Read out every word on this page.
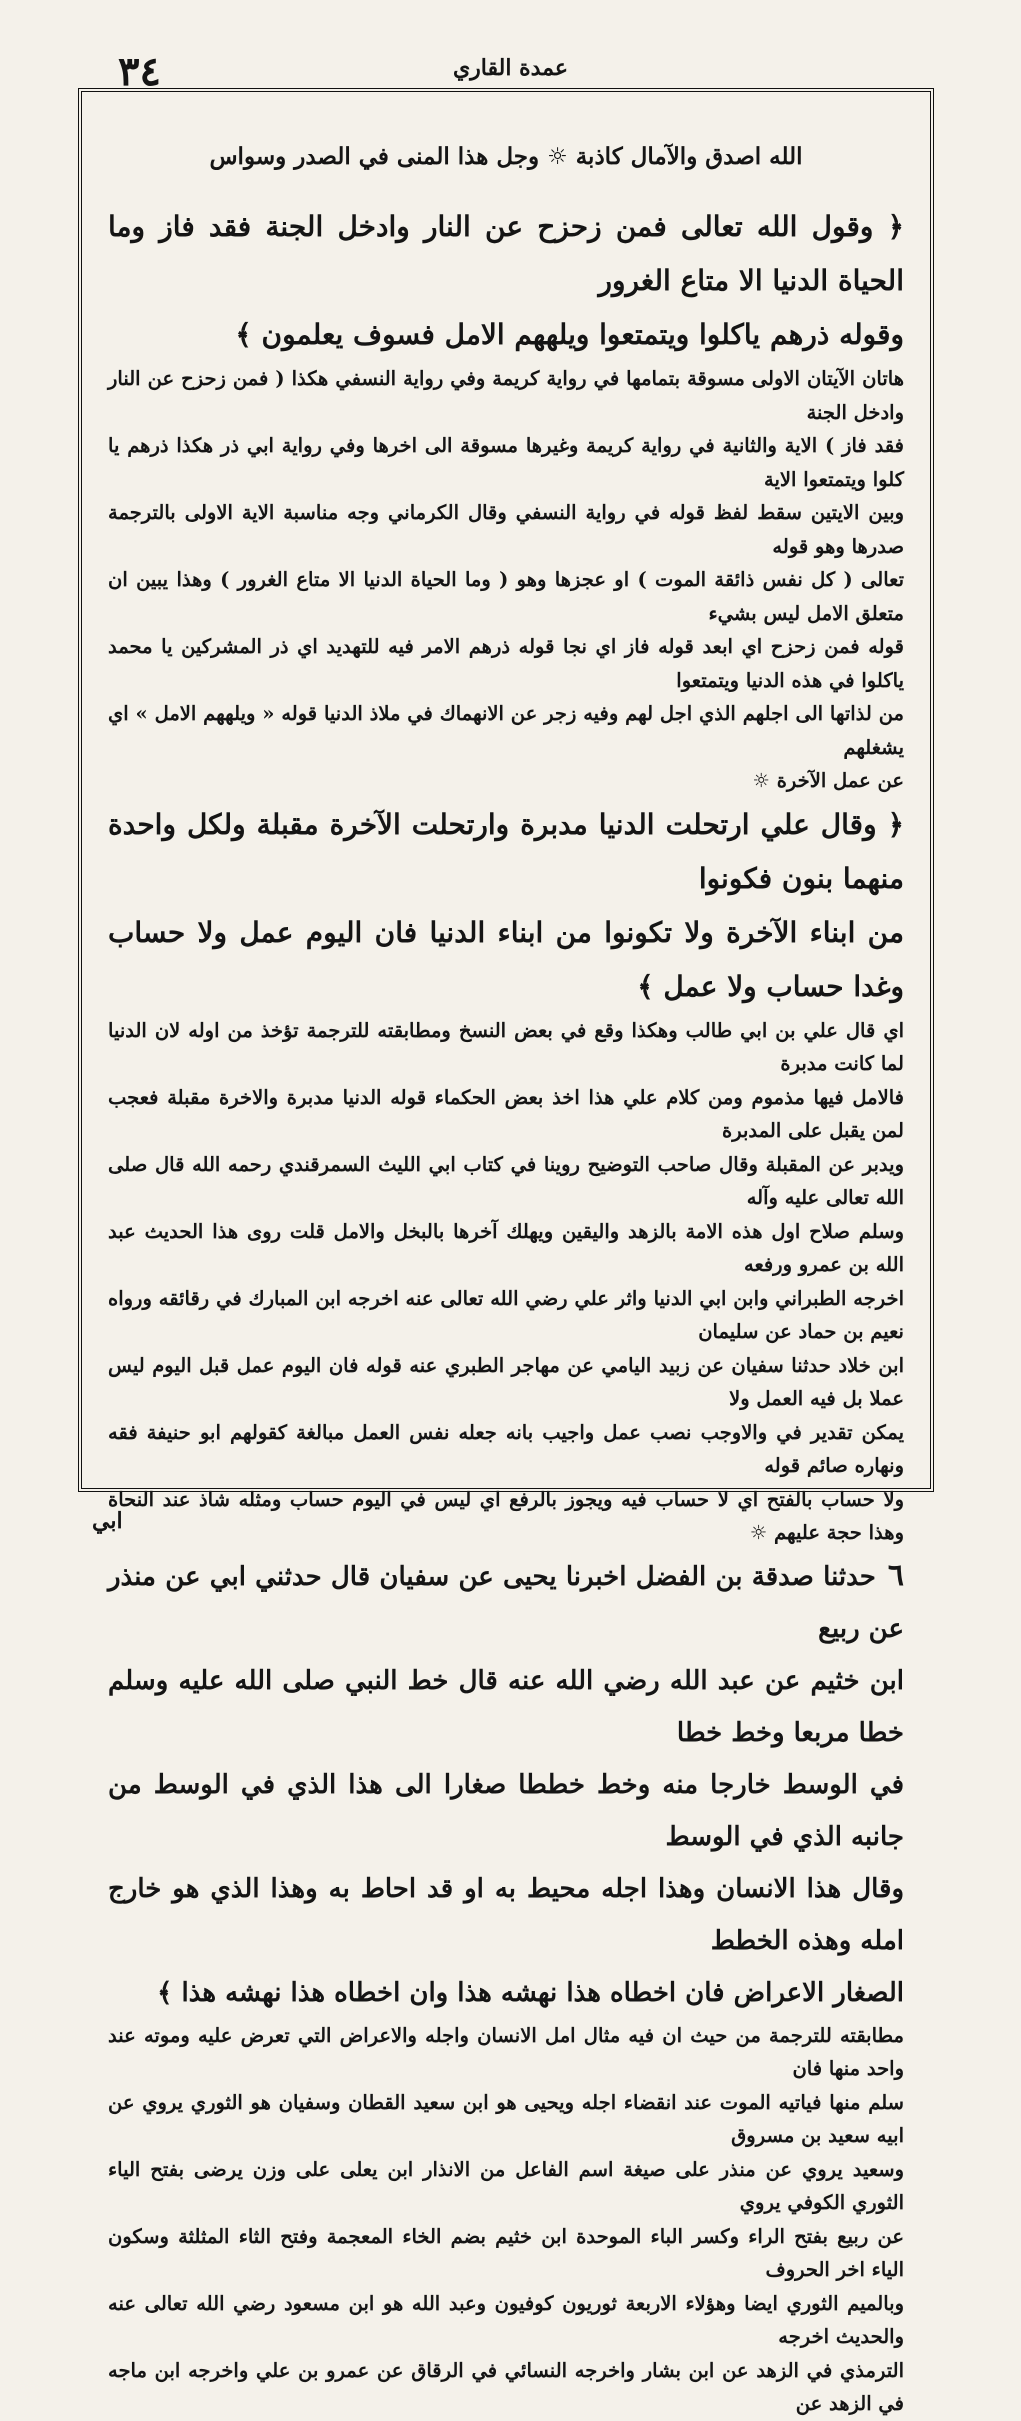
٣٤	عمدة القاري

الله اصدق والآمال كاذبة ☼ وجل هذا المنى في الصدر وسواس

﴿ وقول الله تعالى فمن زحزح عن النار وادخل الجنة فقد فاز وما الحياة الدنيا الا متاع الغرور

وقوله ذرهم ياكلوا ويتمتعوا ويلههم الامل فسوف يعلمون ﴾

هاتان الآيتان الاولى مسوقة بتمامها في رواية كريمة وفي رواية النسفي هكذا ( فمن زحزح عن النار وادخل الجنة

فقد فاز ) الاية والثانية في رواية كريمة وغيرها مسوقة الى اخرها وفي رواية ابي ذر هكذا ذرهم يا كلوا ويتمتعوا الاية

وبين الايتين سقط لفظ قوله في رواية النسفي وقال الكرماني وجه مناسبة الاية الاولى بالترجمة صدرها وهو قوله

تعالى ( كل نفس ذائقة الموت ) او عجزها وهو ( وما الحياة الدنيا الا متاع الغرور ) وهذا يبين ان متعلق الامل ليس بشيء

قوله فمن زحزح اي ابعد قوله فاز اي نجا قوله ذرهم الامر فيه للتهديد اي ذر المشركين يا محمد ياكلوا في هذه الدنيا ويتمتعوا

من لذاتها الى اجلهم الذي اجل لهم وفيه زجر عن الانهماك في ملاذ الدنيا قوله « ويلههم الامل » اي يشغلهم

عن عمل الآخرة ☼

﴿ وقال علي ارتحلت الدنيا مدبرة وارتحلت الآخرة مقبلة ولكل واحدة منهما بنون فكونوا

من ابناء الآخرة ولا تكونوا من ابناء الدنيا فان اليوم عمل ولا حساب وغدا حساب ولا عمل ﴾

اي قال علي بن ابي طالب وهكذا وقع في بعض النسخ ومطابقته للترجمة تؤخذ من اوله لان الدنيا لما كانت مدبرة

فالامل فيها مذموم ومن كلام علي هذا اخذ بعض الحكماء قوله الدنيا مدبرة والاخرة مقبلة فعجب لمن يقبل على المدبرة

ويدبر عن المقبلة وقال صاحب التوضيح روينا في كتاب ابي الليث السمرقندي رحمه الله قال صلى الله تعالى عليه وآله

وسلم صلاح اول هذه الامة بالزهد واليقين ويهلك آخرها بالبخل والامل قلت روى هذا الحديث عبد الله بن عمرو ورفعه

اخرجه الطبراني وابن ابي الدنيا واثر علي رضي الله تعالى عنه اخرجه ابن المبارك في رقائقه ورواه نعيم بن حماد عن سليمان

ابن خلاد حدثنا سفيان عن زبيد اليامي عن مهاجر الطبري عنه قوله فان اليوم عمل قبل اليوم ليس عملا بل فيه العمل ولا

يمكن تقدير في والاوجب نصب عمل واجيب بانه جعله نفس العمل مبالغة كقولهم ابو حنيفة فقه ونهاره صائم قوله

ولا حساب بالفتح اي لا حساب فيه ويجوز بالرفع اي ليس في اليوم حساب ومثله شاذ عند النحاة وهذا حجة عليهم ☼

٦حدثنا صدقة بن الفضل اخبرنا يحيى عن سفيان قال حدثني ابي عن منذر عن ربيع

ابن خثيم عن عبد الله رضي الله عنه قال خط النبي صلى الله عليه وسلم خطا مربعا وخط خطا

في الوسط خارجا منه وخط خططا صغارا الى هذا الذي في الوسط من جانبه الذي في الوسط

وقال هذا الانسان وهذا اجله محيط به او قد احاط به وهذا الذي هو خارج امله وهذه الخطط

الصغار الاعراض فان اخطاه هذا نهشه هذا وان اخطاه هذا نهشه هذا ﴾

مطابقته للترجمة من حيث ان فيه مثال امل الانسان واجله والاعراض التي تعرض عليه وموته عند واحد منها فان

سلم منها فياتيه الموت عند انقضاء اجله ويحيى هو ابن سعيد القطان وسفيان هو الثوري يروي عن ابيه سعيد بن مسروق

وسعيد يروي عن منذر على صيغة اسم الفاعل من الانذار ابن يعلى على وزن يرضى بفتح الياء الثوري الكوفي يروي

عن ربيع بفتح الراء وكسر الباء الموحدة ابن خثيم بضم الخاء المعجمة وفتح الثاء المثلثة وسكون الياء اخر الحروف

وبالميم الثوري ايضا وهؤلاء الاربعة ثوريون كوفيون وعبد الله هو ابن مسعود رضي الله تعالى عنه والحديث اخرجه

الترمذي في الزهد عن ابن بشار واخرجه النسائي في الرقاق عن عمرو بن علي واخرجه ابن ماجه في الزهد عن

ابي
